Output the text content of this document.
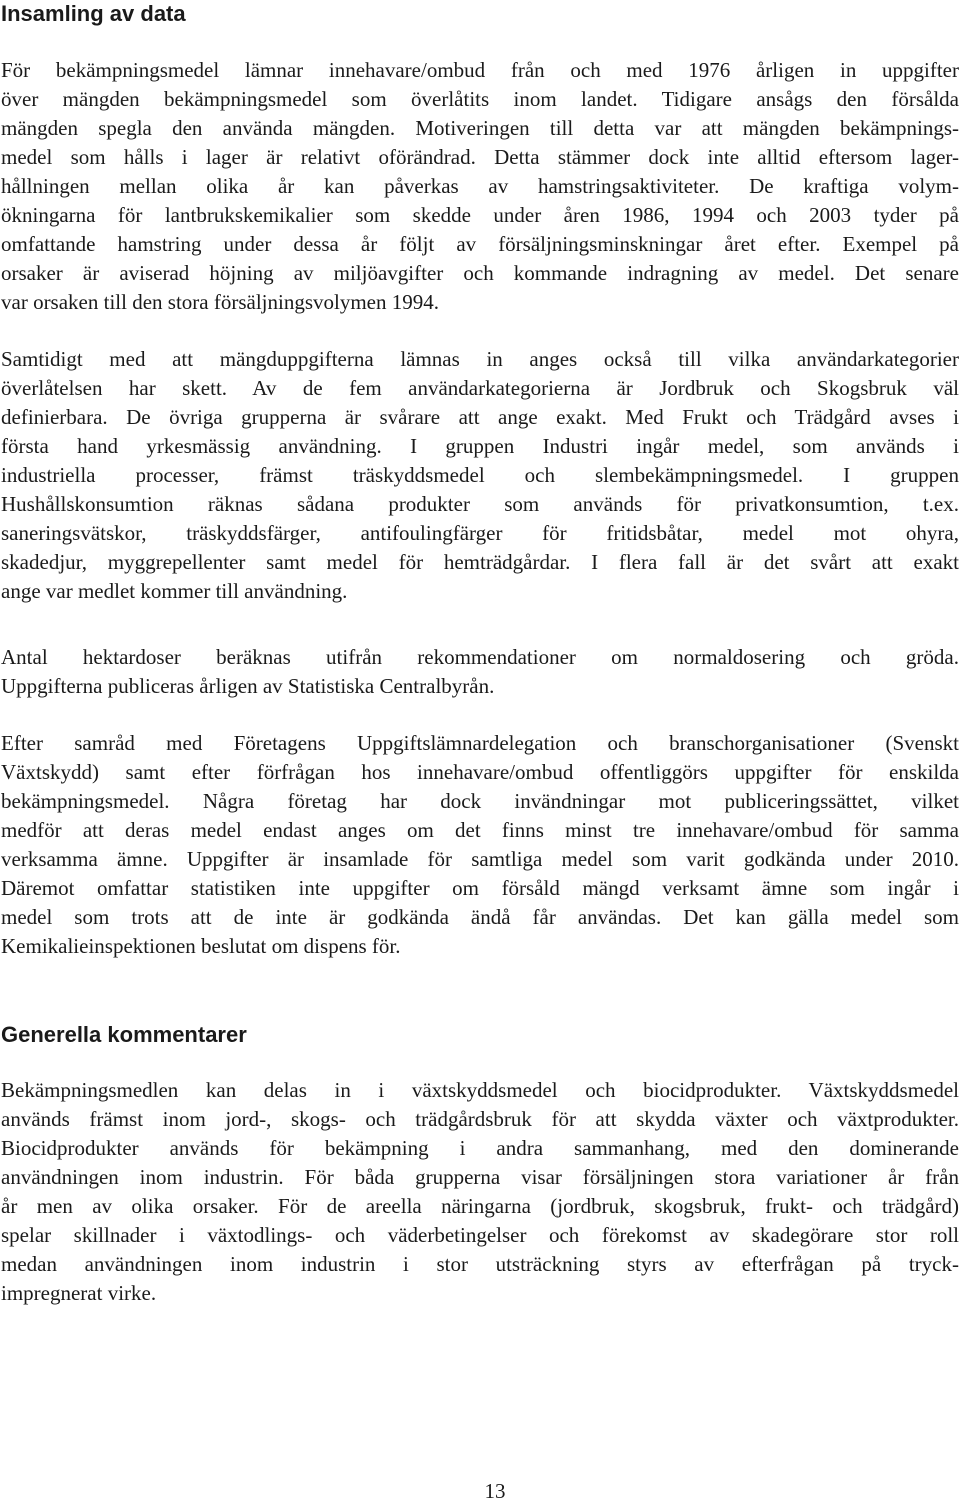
Insamling av data
För bekämpningsmedel lämnar innehavare/ombud från och med 1976 årligen in uppgifter
över mängden bekämpningsmedel som överlåtits inom landet. Tidigare ansågs den försålda
mängden spegla den använda mängden. Motiveringen till detta var att mängden bekämpnings-
medel som hålls i lager är relativt oförändrad. Detta stämmer dock inte alltid eftersom lager-
hållningen mellan olika år kan påverkas av hamstringsaktiviteter. De kraftiga volym-
ökningarna för lantbrukskemikalier som skedde under åren 1986, 1994 och 2003 tyder på
omfattande hamstring under dessa år följt av försäljningsminskningar året efter. Exempel på
orsaker är aviserad höjning av miljöavgifter och kommande indragning av medel. Det senare
var orsaken till den stora försäljningsvolymen 1994.
Samtidigt med att mängduppgifterna lämnas in anges också till vilka användarkategorier
överlåtelsen har skett. Av de fem användarkategorierna är Jordbruk och Skogsbruk väl
definierbara. De övriga grupperna är svårare att ange exakt. Med Frukt och Trädgård avses i
första hand yrkesmässig användning. I gruppen Industri ingår medel, som används i
industriella processer, främst träskyddsmedel och slembekämpningsmedel. I gruppen
Hushållskonsumtion räknas sådana produkter som används för privatkonsumtion, t.ex.
saneringsvätskor, träskyddsfärger, antifoulingfärger för fritidsbåtar, medel mot ohyra,
skadedjur, myggrepellenter samt medel för hemträdgårdar. I flera fall är det svårt att exakt
ange var medlet kommer till användning.
Antal hektardoser beräknas utifrån rekommendationer om normaldosering och gröda.
Uppgifterna publiceras årligen av Statistiska Centralbyrån.
Efter samråd med Företagens Uppgiftslämnardelegation och branschorganisationer (Svenskt
Växtskydd) samt efter förfrågan hos innehavare/ombud offentliggörs uppgifter för enskilda
bekämpningsmedel. Några företag har dock invändningar mot publiceringssättet, vilket
medför att deras medel endast anges om det finns minst tre innehavare/ombud för samma
verksamma ämne. Uppgifter är insamlade för samtliga medel som varit godkända under 2010.
Däremot omfattar statistiken inte uppgifter om försåld mängd verksamt ämne som ingår i
medel som trots att de inte är godkända ändå får användas. Det kan gälla medel som
Kemikalieinspektionen beslutat om dispens för.
Generella kommentarer
Bekämpningsmedlen kan delas in i växtskyddsmedel och biocidprodukter. Växtskyddsmedel
används främst inom jord-, skogs- och trädgårdsbruk för att skydda växter och växtprodukter.
Biocidprodukter används för bekämpning i andra sammanhang, med den dominerande
användningen inom industrin. För båda grupperna visar försäljningen stora variationer år från
år men av olika orsaker. För de areella näringarna (jordbruk, skogsbruk, frukt- och trädgård)
spelar skillnader i växtodlings- och väderbetingelser och förekomst av skadegörare stor roll
medan användningen inom industrin i stor utsträckning styrs av efterfrågan på tryck-
impregnerat virke.
13
